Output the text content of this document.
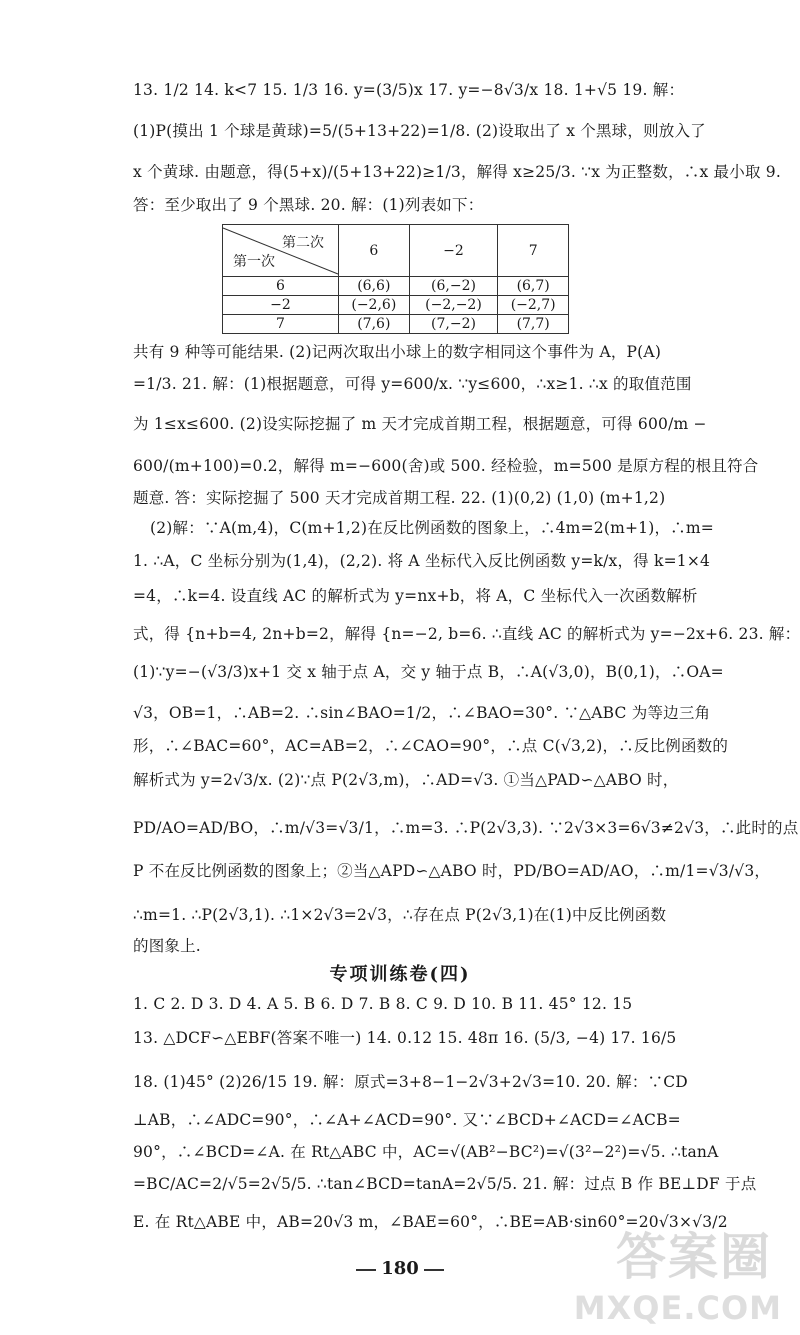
13. 1/2 14. k<7 15. 1/3 16. y=(3/5)x 17. y=−8√3/x 18. 1+√5 19. 解：
(1)P(摸出 1 个球是黄球)=5/(5+13+22)=1/8. (2)设取出了 x 个黑球，则放入了
x 个黄球. 由题意，得(5+x)/(5+13+22)≥1/3，解得 x≥25/3. ∵x 为正整数，∴x 最小取 9.
答：至少取出了 9 个黑球. 20. 解：(1)列表如下：
第二次
第一次	6	−2	7
6	(6,6)	(6,−2)	(6,7)
−2	(−2,6)	(−2,−2)	(−2,7)
7	(7,6)	(7,−2)	(7,7)
共有 9 种等可能结果. (2)记两次取出小球上的数字相同这个事件为 A，P(A)
=1/3. 21. 解：(1)根据题意，可得 y=600/x. ∵y≤600，∴x≥1. ∴x 的取值范围
为 1≤x≤600. (2)设实际挖掘了 m 天才完成首期工程，根据题意，可得 600/m −
600/(m+100)=0.2，解得 m=−600(舍)或 500. 经检验，m=500 是原方程的根且符合
题意. 答：实际挖掘了 500 天才完成首期工程. 22. (1)(0,2) (1,0) (m+1,2)
(2)解：∵A(m,4)，C(m+1,2)在反比例函数的图象上，∴4m=2(m+1)，∴m=
1. ∴A，C 坐标分别为(1,4)，(2,2). 将 A 坐标代入反比例函数 y=k/x，得 k=1×4
=4，∴k=4. 设直线 AC 的解析式为 y=nx+b，将 A，C 坐标代入一次函数解析
式，得 {n+b=4, 2n+b=2，解得 {n=−2, b=6. ∴直线 AC 的解析式为 y=−2x+6. 23. 解：
(1)∵y=−(√3/3)x+1 交 x 轴于点 A，交 y 轴于点 B，∴A(√3,0)，B(0,1)，∴OA=
√3，OB=1，∴AB=2. ∴sin∠BAO=1/2，∴∠BAO=30°. ∵△ABC 为等边三角
形，∴∠BAC=60°，AC=AB=2，∴∠CAO=90°，∴点 C(√3,2)，∴反比例函数的
解析式为 y=2√3/x. (2)∵点 P(2√3,m)，∴AD=√3. ①当△PAD∽△ABO 时，
PD/AO=AD/BO，∴m/√3=√3/1，∴m=3. ∴P(2√3,3). ∵2√3×3=6√3≠2√3，∴此时的点
P 不在反比例函数的图象上；②当△APD∽△ABO 时，PD/BO=AD/AO，∴m/1=√3/√3，
∴m=1. ∴P(2√3,1). ∴1×2√3=2√3，∴存在点 P(2√3,1)在(1)中反比例函数
的图象上.
专项训练卷(四)
1. C 2. D 3. D 4. A 5. B 6. D 7. B 8. C 9. D 10. B 11. 45° 12. 15
13. △DCF∽△EBF(答案不唯一) 14. 0.12 15. 48π 16. (5/3, −4) 17. 16/5
18. (1)45° (2)26/15 19. 解：原式=3+8−1−2√3+2√3=10. 20. 解：∵CD
⊥AB，∴∠ADC=90°，∴∠A+∠ACD=90°. 又∵∠BCD+∠ACD=∠ACB=
90°，∴∠BCD=∠A. 在 Rt△ABC 中，AC=√(AB²−BC²)=√(3²−2²)=√5. ∴tanA
=BC/AC=2/√5=2√5/5. ∴tan∠BCD=tanA=2√5/5. 21. 解：过点 B 作 BE⊥DF 于点
E. 在 Rt△ABE 中，AB=20√3 m，∠BAE=60°，∴BE=AB·sin60°=20√3×√3/2
180	答案圈
MXQE.COM
